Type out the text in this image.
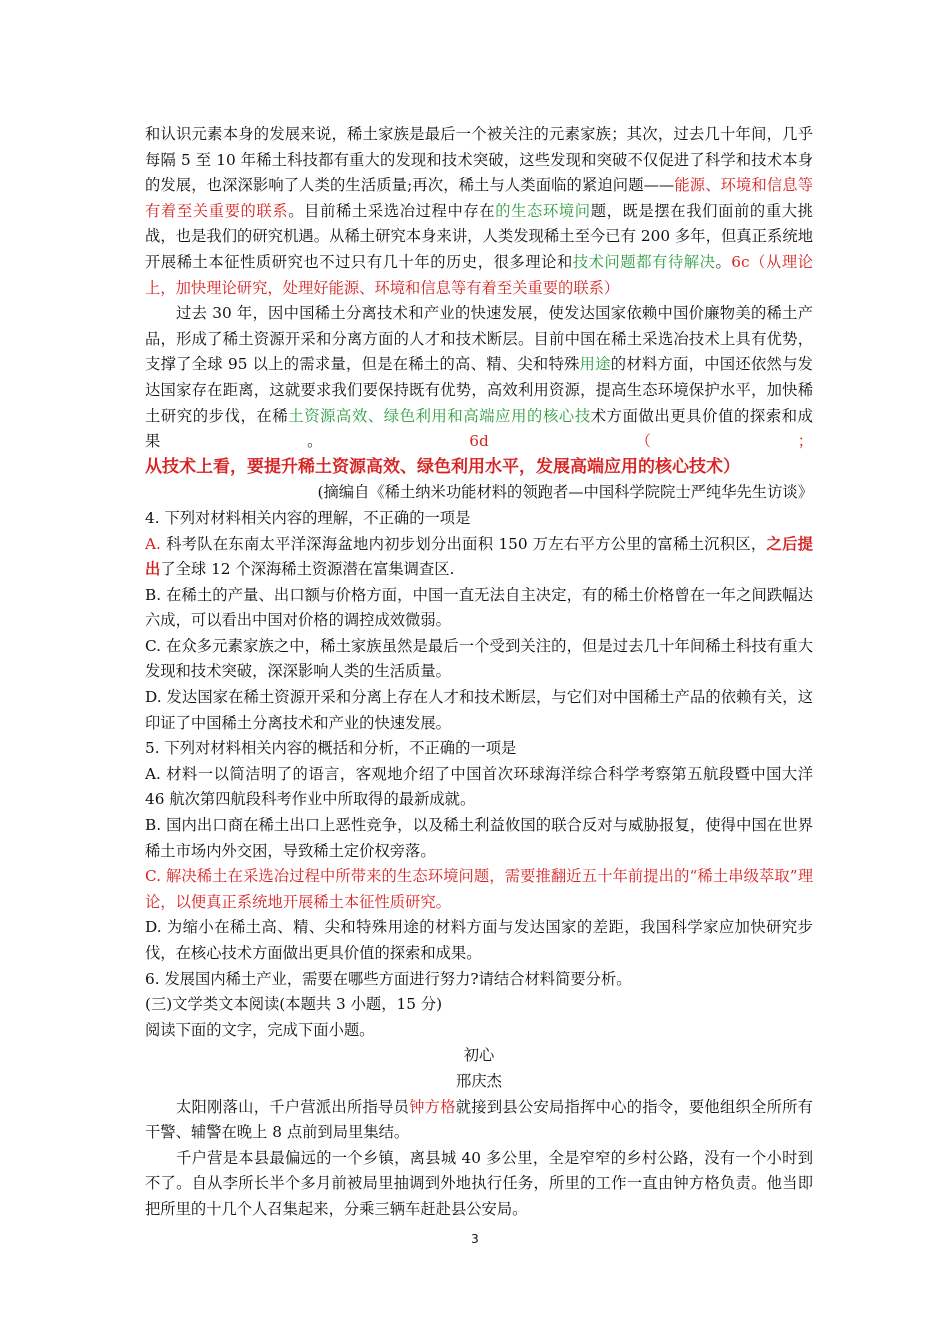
和认识元素本身的发展来说，稀土家族是最后一个被关注的元素家族；其次，过去几十年间，几乎每隔 5 至 10 年稀土科技都有重大的发现和技术突破，这些发现和突破不仅促进了科学和技术本身的发展，也深深影响了人类的生活质量;再次，稀土与人类面临的紧迫问题——能源、环境和信息等有着至关重要的联系。目前稀土采选冶过程中存在的生态环境问题，既是摆在我们面前的重大挑战，也是我们的研究机遇。从稀土研究本身来讲，人类发现稀土至今已有 200 多年，但真正系统地开展稀土本征性质研究也不过只有几十年的历史，很多理论和技术问题都有待解决。6c（从理论上，加快理论研究，处理好能源、环境和信息等有着至关重要的联系）

过去 30 年，因中国稀土分离技术和产业的快速发展，使发达国家依赖中国价廉物美的稀土产品，形成了稀土资源开采和分离方面的人才和技术断层。目前中国在稀土采选冶技术上具有优势，支撑了全球 95 以上的需求量，但是在稀土的高、精、尖和特殊用途的材料方面，中国还依然与发达国家存在距离，这就要求我们要保持既有优势，高效利用资源，提高生态环境保护水平，加快稀土研究的步伐，在稀土资源高效、绿色利用和高端应用的核心技术方面做出更具价值的探索和成果。6d（；从技术上看，要提升稀土资源高效、绿色利用水平，发展高端应用的核心技术）

(摘编自《稀土纳米功能材料的领跑者—中国科学院院士严纯华先生访谈》

4. 下列对材料相关内容的理解，不正确的一项是

A. 科考队在东南太平洋深海盆地内初步划分出面积 150 万左右平方公里的富稀土沉积区，之后提出了全球 12 个深海稀土资源潜在富集调查区.

B. 在稀土的产量、出口额与价格方面，中国一直无法自主决定，有的稀土价格曾在一年之间跌幅达六成，可以看出中国对价格的调控成效微弱。

C. 在众多元素家族之中，稀土家族虽然是最后一个受到关注的，但是过去几十年间稀土科技有重大发现和技术突破，深深影响人类的生活质量。

D. 发达国家在稀土资源开采和分离上存在人才和技术断层，与它们对中国稀土产品的依赖有关，这印证了中国稀土分离技术和产业的快速发展。

5. 下列对材料相关内容的概括和分析，不正确的一项是

A. 材料一以简洁明了的语言，客观地介绍了中国首次环球海洋综合科学考察第五航段暨中国大洋 46 航次第四航段科考作业中所取得的最新成就。

B. 国内出口商在稀土出口上恶性竞争，以及稀土利益攸国的联合反对与威胁报复，使得中国在世界稀土市场内外交困，导致稀土定价权旁落。

C. 解决稀土在采选冶过程中所带来的生态环境问题，需要推翻近五十年前提出的“稀土串级萃取”理论，以便真正系统地开展稀土本征性质研究。

D. 为缩小在稀土高、精、尖和特殊用途的材料方面与发达国家的差距，我国科学家应加快研究步伐，在核心技术方面做出更具价值的探索和成果。

6. 发展国内稀土产业，需要在哪些方面进行努力?请结合材料简要分析。

(三)文学类文本阅读(本题共 3 小题，15 分)

阅读下面的文字，完成下面小题。

初心

邢庆杰

太阳刚落山，千户营派出所指导员钟方格就接到县公安局指挥中心的指令，要他组织全所所有干警、辅警在晚上 8 点前到局里集结。

千户营是本县最偏远的一个乡镇，离县城 40 多公里，全是窄窄的乡村公路，没有一个小时到不了。自从李所长半个多月前被局里抽调到外地执行任务，所里的工作一直由钟方格负责。他当即把所里的十几个人召集起来，分乘三辆车赶赴县公安局。

3
